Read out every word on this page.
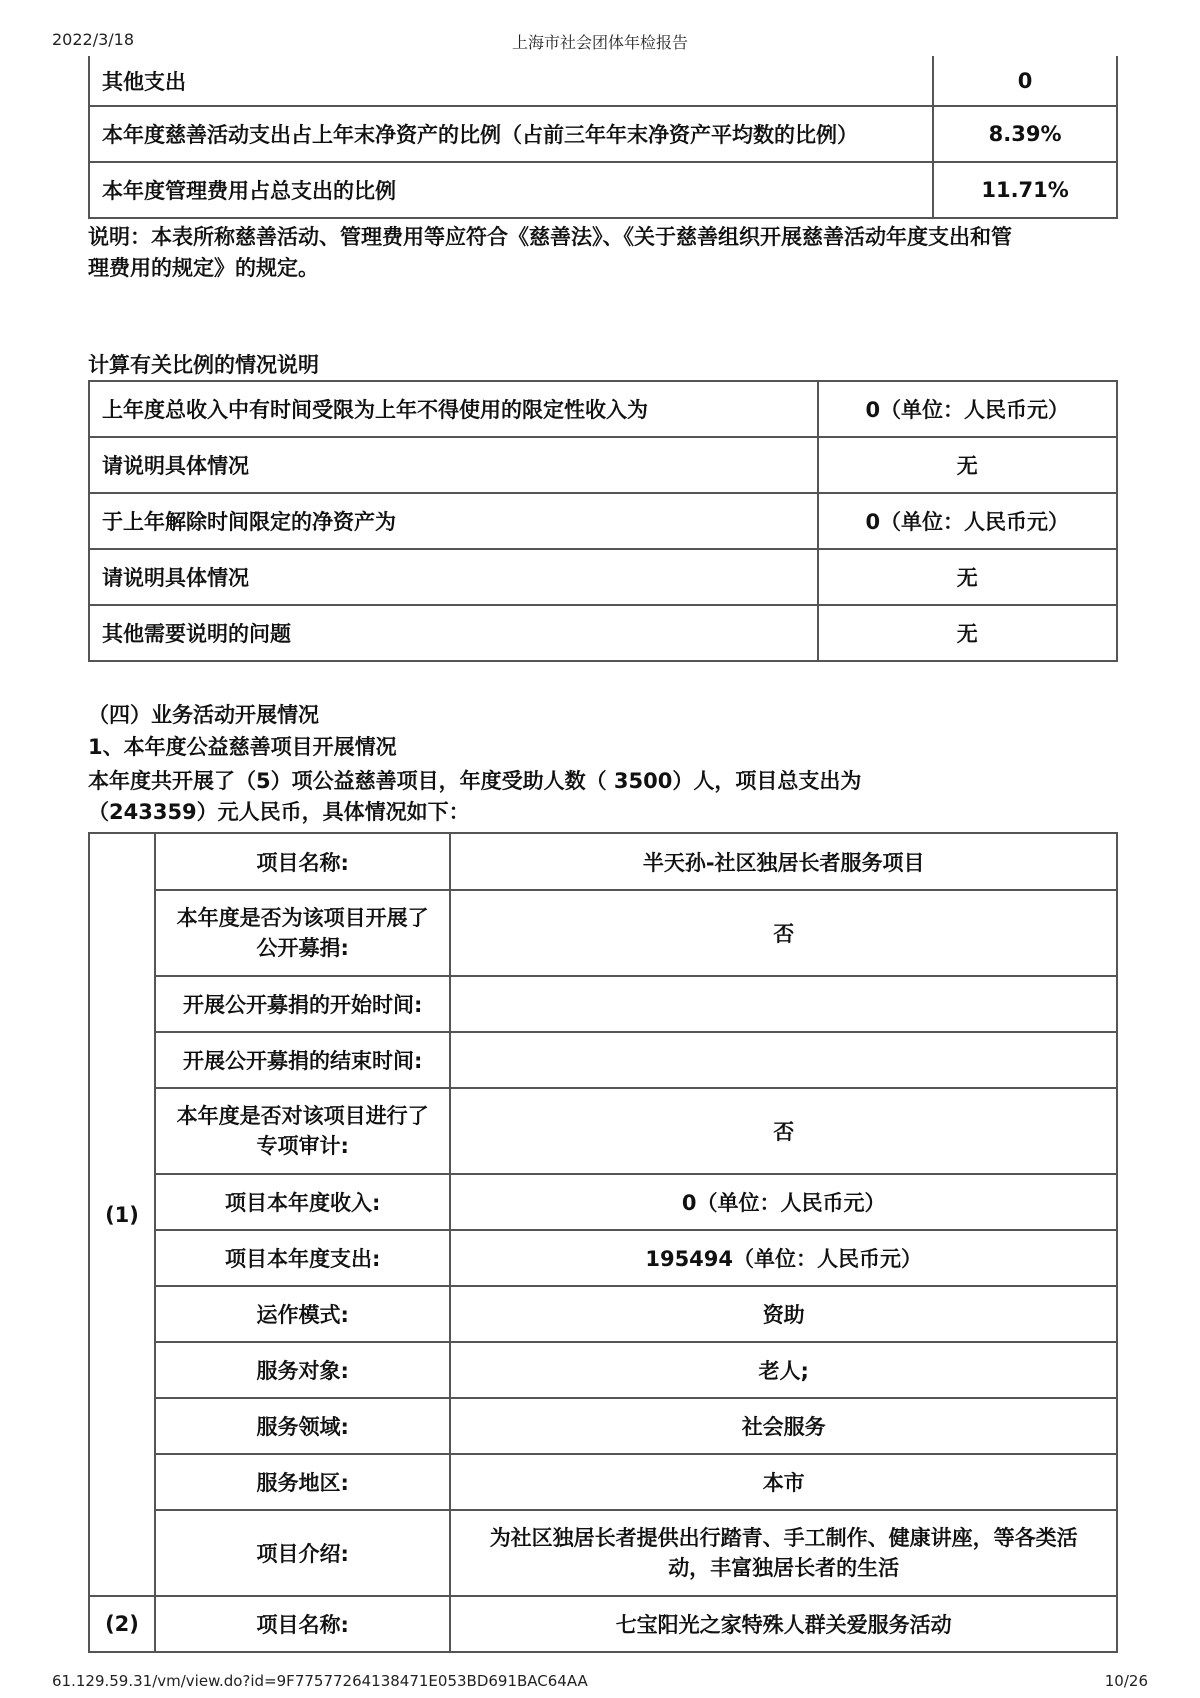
2022/3/18	上海市社会团体年检报告
其他支出	0
本年度慈善活动支出占上年末净资产的比例（占前三年年末净资产平均数的比例）	8.39%
本年度管理费用占总支出的比例	11.71%
说明：本表所称慈善活动、管理费用等应符合《慈善法》、《关于慈善组织开展慈善活动年度支出和管
理费用的规定》的规定。
计算有关比例的情况说明
上年度总收入中有时间受限为上年不得使用的限定性收入为	0（单位：人民币元）
请说明具体情况	无
于上年解除时间限定的净资产为	0（单位：人民币元）
请说明具体情况	无
其他需要说明的问题	无
（四）业务活动开展情况
1、本年度公益慈善项目开展情况
本年度共开展了（5）项公益慈善项目，年度受助人数（ 3500）人，项目总支出为
（243359）元人民币，具体情况如下：
(1)	项目名称:	半天孙-社区独居长者服务项目

	本年度是否为该项目开展了
公开募捐:	否
	开展公开募捐的开始时间:	
	开展公开募捐的结束时间:	

	本年度是否对该项目进行了
专项审计:	否
	项目本年度收入:	0（单位：人民币元）
	项目本年度支出:	195494（单位：人民币元）
	运作模式:	资助
	服务对象:	老人;
	服务领域:	社会服务
	服务地区:	本市
	项目介绍:	为社区独居长者提供出行踏青、手工制作、健康讲座，等各类活
动，丰富独居长者的生活

(2)	项目名称:	七宝阳光之家特殊人群关爱服务活动
61.129.59.31/vm/view.do?id=9F77577264138471E053BD691BAC64AA	10/26
